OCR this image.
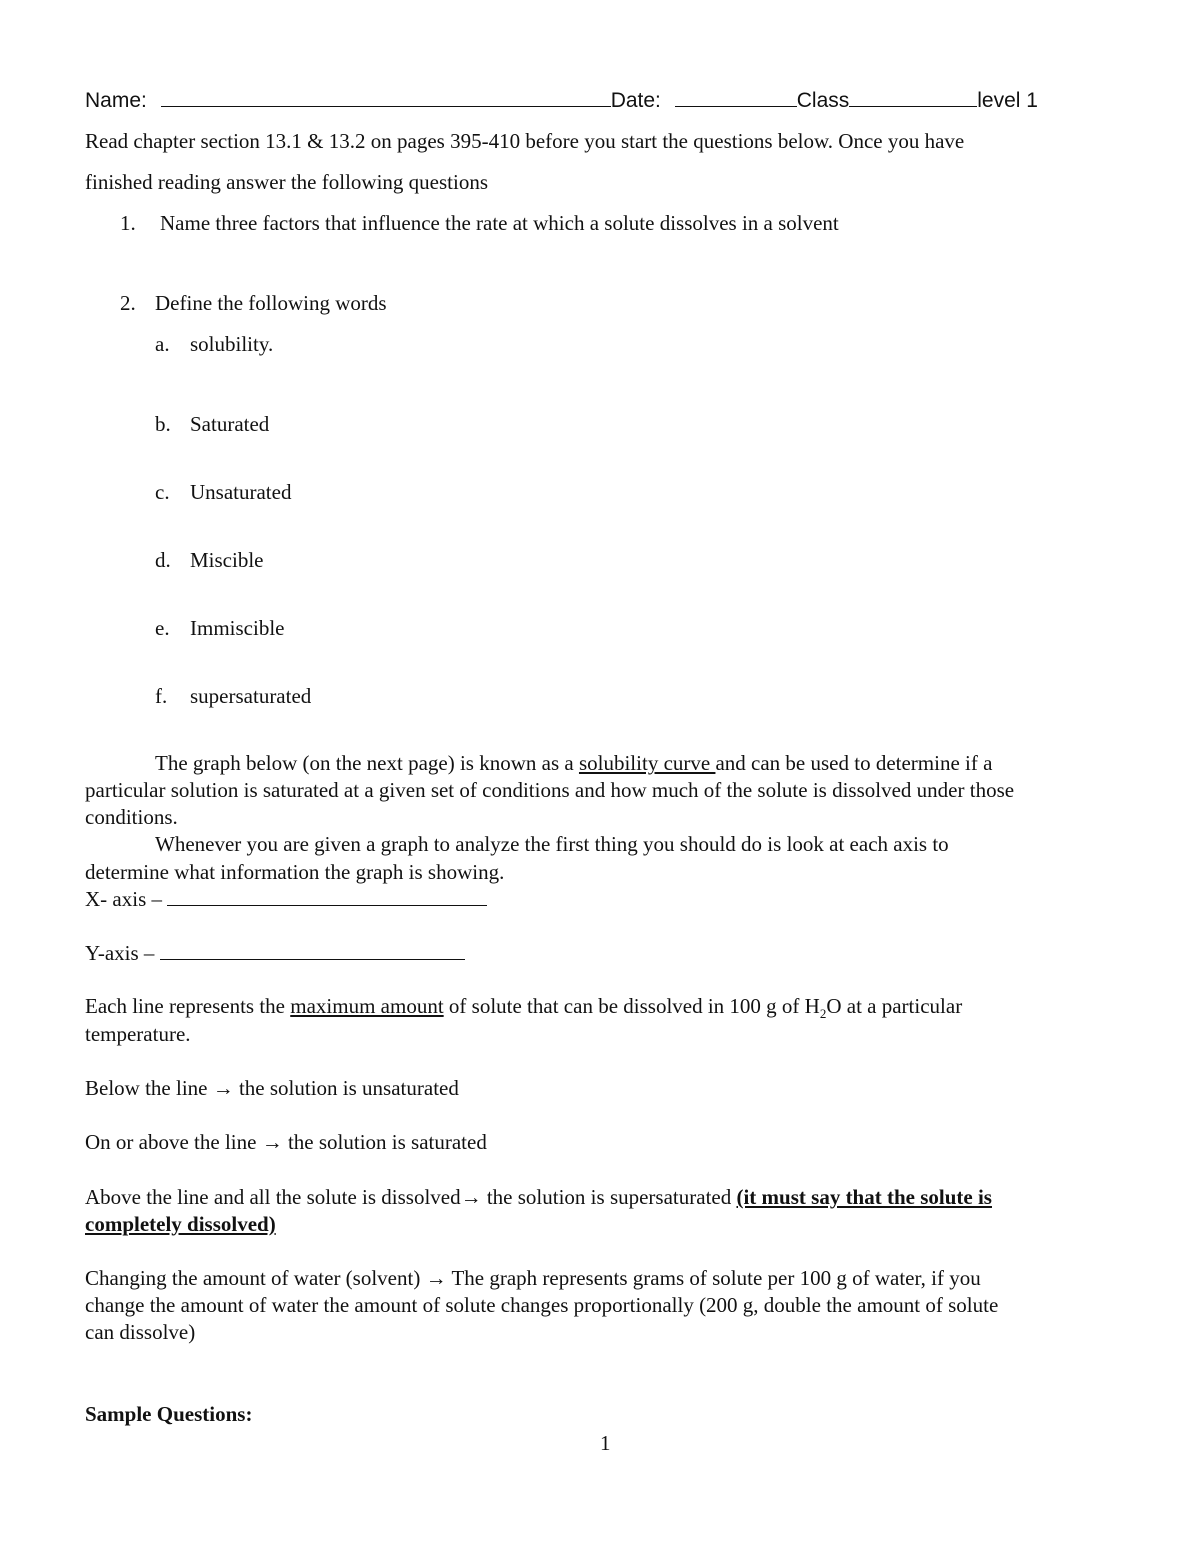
Name:	Date:	Class	level 1
Read chapter section 13.1 & 13.2 on pages 395-410 before you start the questions below. Once you have
finished reading answer the following questions
1. Name three factors that influence the rate at which a solute dissolves in a solvent
2. Define the following words
a. solubility.
b. Saturated
c. Unsaturated
d. Miscible
e. Immiscible
f. supersaturated
The graph below (on the next page) is known as a solubility curve and can be used to determine if a
particular solution is saturated at a given set of conditions and how much of the solute is dissolved under those
conditions.
Whenever you are given a graph to analyze the first thing you should do is look at each axis to
determine what information the graph is showing.
X- axis –
Y-axis –
Each line represents the maximum amount of solute that can be dissolved in 100 g of $H_2O$ at a particular
temperature.
Below the line → the solution is unsaturated
On or above the line → the solution is saturated
Above the line and all the solute is dissolved→ the solution is supersaturated (it must say that the solute is
completely dissolved)
Changing the amount of water (solvent) → The graph represents grams of solute per 100 g of water, if you
change the amount of water the amount of solute changes proportionally (200 g, double the amount of solute
can dissolve)
Sample Questions:
1
